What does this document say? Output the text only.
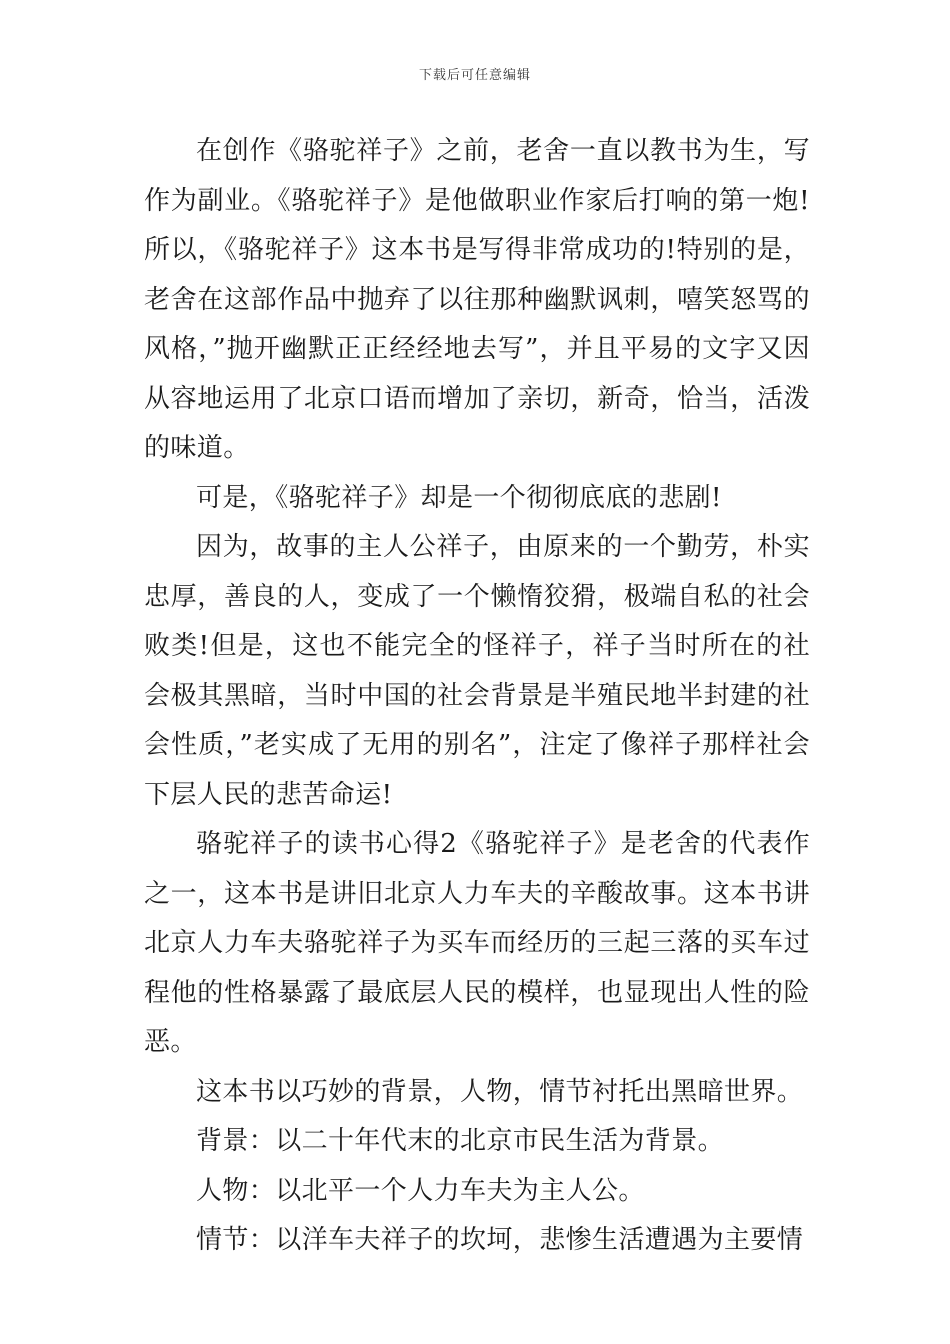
下载后可任意编辑

在创作《骆驼祥子》之前，老舍一直以教书为生，写作为副业。《骆驼祥子》是他做职业作家后打响的第一炮!所以，《骆驼祥子》这本书是写得非常成功的!特别的是，老舍在这部作品中抛弃了以往那种幽默讽刺，嘻笑怒骂的风格，”抛开幽默正正经经地去写”，并且平易的文字又因从容地运用了北京口语而增加了亲切，新奇，恰当，活泼的味道。

可是，《骆驼祥子》却是一个彻彻底底的悲剧!

因为，故事的主人公祥子，由原来的一个勤劳，朴实忠厚，善良的人，变成了一个懒惰狡猾，极端自私的社会败类!但是，这也不能完全的怪祥子，祥子当时所在的社会极其黑暗，当时中国的社会背景是半殖民地半封建的社会性质，”老实成了无用的别名”，注定了像祥子那样社会下层人民的悲苦命运!

骆驼祥子的读书心得2《骆驼祥子》是老舍的代表作之一，这本书是讲旧北京人力车夫的辛酸故事。这本书讲北京人力车夫骆驼祥子为买车而经历的三起三落的买车过程他的性格暴露了最底层人民的模样，也显现出人性的险恶。

这本书以巧妙的背景，人物，情节衬托出黑暗世界。

背景：以二十年代末的北京市民生活为背景。

人物：以北平一个人力车夫为主人公。

情节：以洋车夫祥子的坎坷，悲惨生活遭遇为主要情
